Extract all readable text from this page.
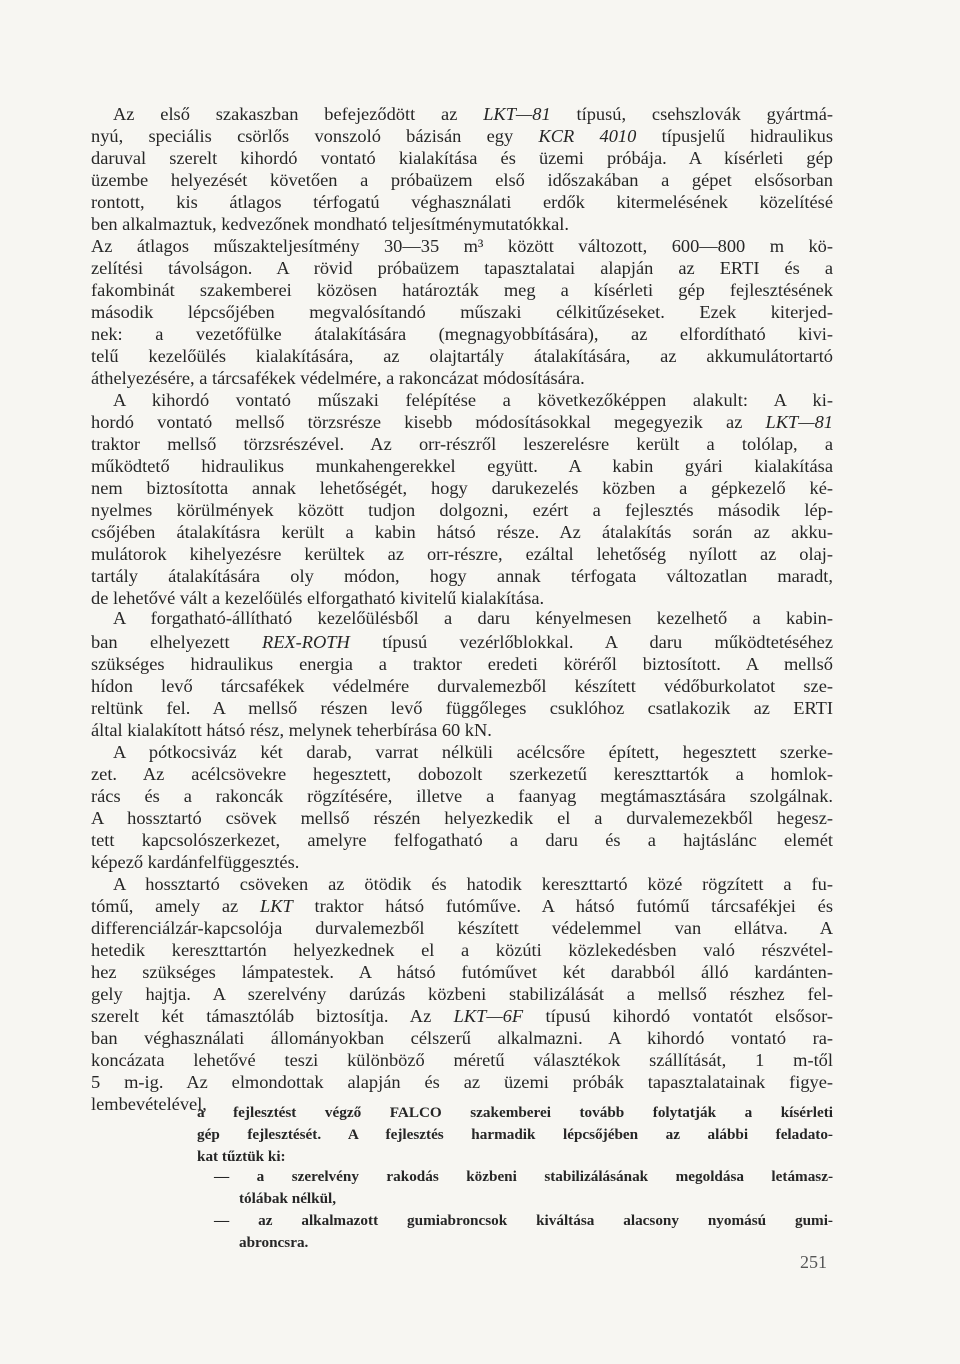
Az első szakaszban befejeződött az LKT—81 típusú, csehszlovák gyártmá-
nyú, speciális csörlős vonszoló bázisán egy KCR 4010 típusjelű hidraulikus
daruval szerelt kihordó vontató kialakítása és üzemi próbája. A kísérleti gép
üzembe helyezését követően a próbaüzem első időszakában a gépet elsősorban
rontott, kis átlagos térfogatú véghasználati erdők kitermelésének közelítésé
ben alkalmaztuk, kedvezőnek mondható teljesítménymutatókkal.
Az átlagos műszakteljesítmény 30—35 m³ között változott, 600—800 m kö-
zelítési távolságon. A rövid próbaüzem tapasztalatai alapján az ERTI és a
fakombinát szakemberei közösen határozták meg a kísérleti gép fejlesztésének
második lépcsőjében megvalósítandó műszaki célkitűzéseket. Ezek kiterjed-
nek: a vezetőfülke átalakítására (megnagyobbítására), az elfordítható kivi-
telű kezelőülés kialakítására, az olajtartály átalakítására, az akkumulátortartó
áthelyezésére, a tárcsafékek védelmére, a rakoncázat módosítására.
A kihordó vontató műszaki felépítése a következőképpen alakult: A ki-
hordó vontató mellső törzsrésze kisebb módosításokkal megegyezik az LKT—81
traktor mellső törzsrészével. Az orr-részről leszerelésre került a tolólap, a
működtető hidraulikus munkahengerekkel együtt. A kabin gyári kialakítása
nem biztosította annak lehetőségét, hogy darukezelés közben a gépkezelő ké-
nyelmes körülmények között tudjon dolgozni, ezért a fejlesztés második lép-
csőjében átalakításra került a kabin hátsó része. Az átalakítás során az akku-
mulátorok kihelyezésre kerültek az orr-részre, ezáltal lehetőség nyílott az olaj-
tartály átalakítására oly módon, hogy annak térfogata változatlan maradt,
de lehetővé vált a kezelőülés elforgatható kivitelű kialakítása.
A forgatható-állítható kezelőülésből a daru kényelmesen kezelhető a kabin-
ban elhelyezett REX-ROTH típusú vezérlőblokkal. A daru működtetéséhez
szükséges hidraulikus energia a traktor eredeti köréről biztosított. A mellső
hídon levő tárcsafékek védelmére durvalemezből készített védőburkolatot sze-
reltünk fel. A mellső részen levő függőleges csuklóhoz csatlakozik az ERTI
által kialakított hátsó rész, melynek teherbírása 60 kN.
A pótkocsiváz két darab, varrat nélküli acélcsőre épített, hegesztett szerke-
zet. Az acélcsövekre hegesztett, dobozolt szerkezetű kereszttartók a homlok-
rács és a rakoncák rögzítésére, illetve a faanyag megtámasztására szolgálnak.
A hossztartó csövek mellső részén helyezkedik el a durvalemezekből hegesz-
tett kapcsolószerkezet, amelyre felfogatható a daru és a hajtáslánc elemét
képező kardánfelfüggesztés.
A hossztartó csöveken az ötödik és hatodik kereszttartó közé rögzített a fu-
tómű, amely az LKT traktor hátsó futóműve. A hátsó futómű tárcsafékjei és
differenciálzár-kapcsolója durvalemezből készített védelemmel van ellátva. A
hetedik kereszttartón helyezkednek el a közúti közlekedésben való részvétel-
hez szükséges lámpatestek. A hátsó futóművet két darabból álló kardánten-
gely hajtja. A szerelvény darúzás közbeni stabilizálását a mellső részhez fel-
szerelt két támasztóláb biztosítja. Az LKT—6F típusú kihordó vontatót elsősor-
ban véghasználati állományokban célszerű alkalmazni. A kihordó vontató ra-
koncázata lehetővé teszi különböző méretű választékok szállítását, 1 m-től
5 m-ig. Az elmondottak alapján és az üzemi próbák tapasztalatainak figye-
lembevételével,
a fejlesztést végző FALCO szakemberei tovább folytatják a kísérleti
gép fejlesztését. A fejlesztés harmadik lépcsőjében az alábbi feladato-
kat tűztük ki:
— a szerelvény rakodás közbeni stabilizálásának megoldása letámasz-
tólábak nélkül,
— az alkalmazott gumiabroncsok kiváltása alacsony nyomású gumi-
abroncsra.
251
